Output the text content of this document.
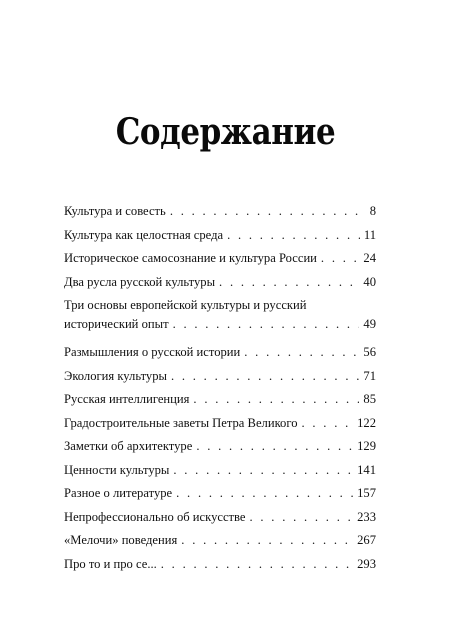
Содержание
Культура и совесть . . .	8
Культура как целостная среда . . .	11
Историческое самосознание и культура России . . .	24
Два русла русской культуры . . .	40
Три основы европейской культуры и русский
исторический опыт . . .	49
Размышления о русской истории . . .	56
Экология культуры . . .	71
Русская интеллигенция . . .	85
Градостроительные заветы Петра Великого . . .	122
Заметки об архитектуре . . .	129
Ценности культуры . . .	141
Разное о литературе . . .	157
Непрофессионально об искусстве . . .	233
«Мелочи» поведения . . .	267
Про то и про се... . . .	293
